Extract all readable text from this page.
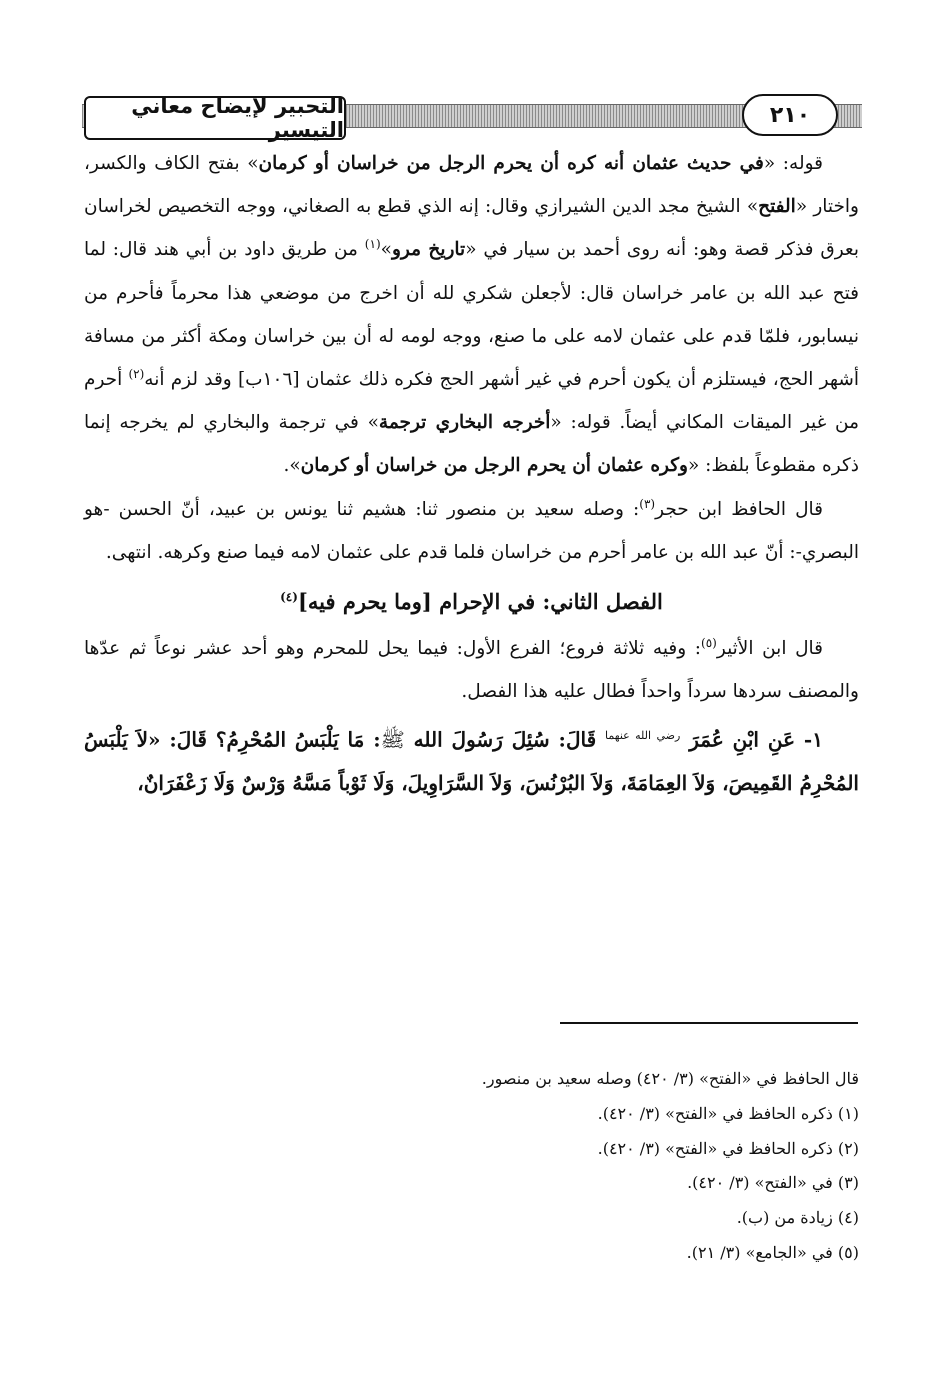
التحبير لإيضاح معاني التيسير
٢١٠

قوله: «في حديث عثمان أنه كره أن يحرم الرجل من خراسان أو كرمان» بفتح الكاف والكسر، واختار «الفتح» الشيخ مجد الدين الشيرازي وقال: إنه الذي قطع به الصغاني، ووجه التخصيص لخراسان بعرق فذكر قصة وهو: أنه روى أحمد بن سيار في «تاريخ مرو»$^{(١)}$ من طريق داود بن أبي هند قال: لما فتح عبد الله بن عامر خراسان قال: لأجعلن شكري لله أن اخرج من موضعي هذا محرماً فأحرم من نيسابور، فلمّا قدم على عثمان لامه على ما صنع، ووجه لومه له أن بين خراسان ومكة أكثر من مسافة أشهر الحج، فيستلزم أن يكون أحرم في غير أشهر الحج فكره ذلك عثمان [١٠٦ب] وقد لزم أنه$^{(٢)}$ أحرم من غير الميقات المكاني أيضاً. قوله: «أخرجه البخاري ترجمة» في ترجمة والبخاري لم يخرجه إنما ذكره مقطوعاً بلفظ: «وكره عثمان أن يحرم الرجل من خراسان أو كرمان».

قال الحافظ ابن حجر$^{(٣)}$: وصله سعيد بن منصور ثنا: هشيم ثنا يونس بن عبيد، أنّ الحسن -هو البصري-: أنّ عبد الله بن عامر أحرم من خراسان فلما قدم على عثمان لامه فيما صنع وكرهه. انتهى.

الفصل الثاني: في الإحرام [وما يحرم فيه]$^{(٤)}$

قال ابن الأثير$^{(٥)}$: وفيه ثلاثة فروع؛ الفرع الأول: فيما يحل للمحرم وهو أحد عشر نوعاً ثم عدّها والمصنف سردها سرداً واحداً فطال عليه هذا الفصل.

١- عَنِ ابْنِ عُمَرَ $^{رضي الله عنهما}$ قَالَ: سُئِلَ رَسُولَ الله ﷺ: مَا يَلْبَسُ المُحْرِمُ؟ قَالَ: «لاَ يَلْبَسُ المُحْرِمُ القَمِيصَ، وَلاَ العِمَامَةَ، وَلاَ البُرْنُسَ، وَلاَ السَّرَاوِيلَ، وَلَا ثَوْباً مَسَّهُ وَرْسٌ وَلَا زَعْفَرَانٌ،

قال الحافظ في «الفتح» (٣/ ٤٢٠) وصله سعيد بن منصور.
(١) ذكره الحافظ في «الفتح» (٣/ ٤٢٠).
(٢) ذكره الحافظ في «الفتح» (٣/ ٤٢٠).
(٣) في «الفتح» (٣/ ٤٢٠).
(٤) زيادة من (ب).
(٥) في «الجامع» (٣/ ٢١).
